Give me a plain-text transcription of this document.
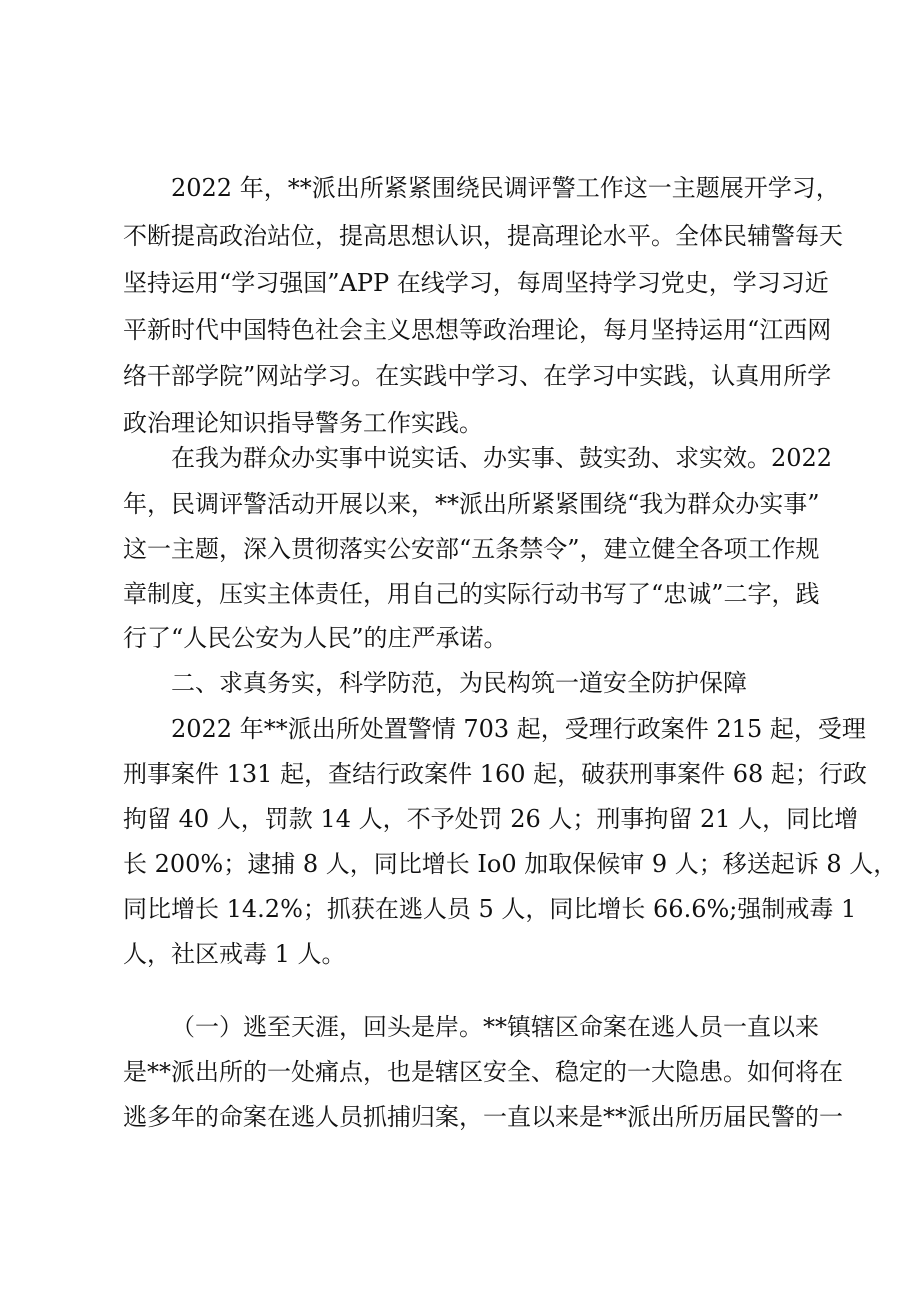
2022 年，**派出所紧紧围绕民调评警工作这一主题展开学习，
不断提高政治站位，提高思想认识，提高理论水平。全体民辅警每天
坚持运用“学习强国”APP 在线学习，每周坚持学习党史，学习习近
平新时代中国特色社会主义思想等政治理论，每月坚持运用“江西网
络干部学院”网站学习。在实践中学习、在学习中实践，认真用所学
政治理论知识指导警务工作实践。
在我为群众办实事中说实话、办实事、鼓实劲、求实效。2022
年，民调评警活动开展以来，**派出所紧紧围绕“我为群众办实事”
这一主题，深入贯彻落实公安部“五条禁令”，建立健全各项工作规
章制度，压实主体责任，用自己的实际行动书写了“忠诚”二字，践
行了“人民公安为人民”的庄严承诺。
二、求真务实，科学防范，为民构筑一道安全防护保障
2022 年**派出所处置警情 703 起，受理行政案件 215 起，受理
刑事案件 131 起，查结行政案件 160 起，破获刑事案件 68 起；行政
拘留 40 人，罚款 14 人，不予处罚 26 人；刑事拘留 21 人，同比增
长 200%；逮捕 8 人，同比增长 Io0 加取保候审 9 人；移送起诉 8 人，
同比增长 14.2%；抓获在逃人员 5 人，同比增长 66.6%;强制戒毒 1
人，社区戒毒 1 人。
（一）逃至天涯，回头是岸。**镇辖区命案在逃人员一直以来
是**派出所的一处痛点，也是辖区安全、稳定的一大隐患。如何将在
逃多年的命案在逃人员抓捕归案，一直以来是**派出所历届民警的一
